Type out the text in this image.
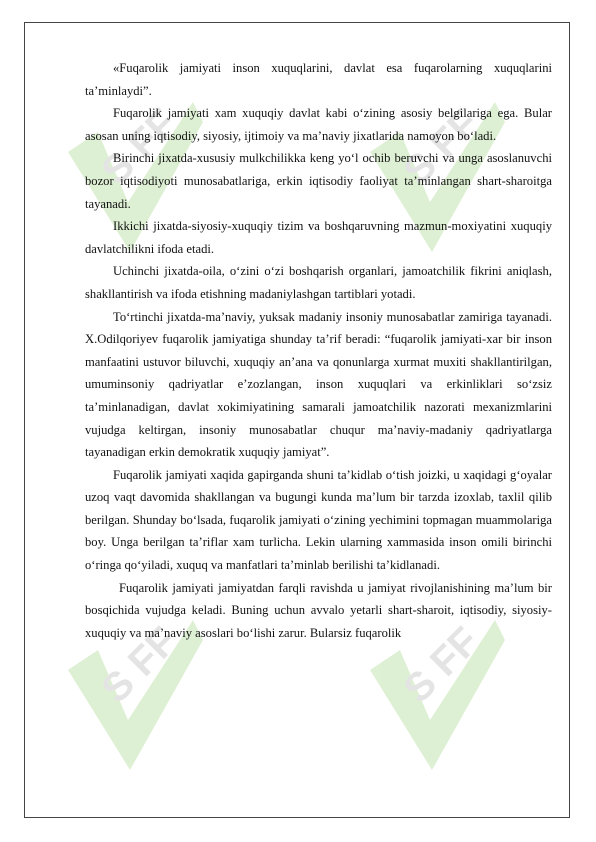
S FF	S FF
S FF	S FF

«Fuqarolik jamiyati inson xuquqlarini, davlat esa fuqarolarning xuquqlarini ta’minlaydi”.

Fuqarolik jamiyati xam xuquqiy davlat kabi o‘zining asosiy belgilariga ega. Bular asosan uning iqtisodiy, siyosiy, ijtimoiy va ma’naviy jixatlarida namoyon bo‘ladi.

Birinchi jixatda-xususiy mulkchilikka keng yo‘l ochib beruvchi va unga asoslanuvchi bozor iqtisodiyoti munosabatlariga, erkin iqtisodiy faoliyat ta’minlangan shart-sharoitga tayanadi.

Ikkichi jixatda-siyosiy-xuquqiy tizim va boshqaruvning mazmun-moxiyatini xuquqiy davlatchilikni ifoda etadi.

Uchinchi jixatda-oila, o‘zini o‘zi boshqarish organlari, jamoatchilik fikrini aniqlash, shakllantirish va ifoda etishning madaniylashgan tartiblari yotadi.

To‘rtinchi jixatda-ma’naviy, yuksak madaniy insoniy munosabatlar zamiriga tayanadi. X.Odilqoriyev fuqarolik jamiyatiga shunday ta’rif beradi: “fuqarolik jamiyati-xar bir inson manfaatini ustuvor biluvchi, xuquqiy an’ana va qonunlarga xurmat muxiti shakllantirilgan, umuminsoniy qadriyatlar e’zozlangan, inson xuquqlari va erkinliklari so‘zsiz ta’minlanadigan, davlat xokimiyatining samarali jamoatchilik nazorati mexanizmlarini vujudga keltirgan, insoniy munosabatlar chuqur ma’naviy-madaniy qadriyatlarga tayanadigan erkin demokratik xuquqiy jamiyat”.

Fuqarolik jamiyati xaqida gapirganda shuni ta’kidlab o‘tish joizki, u xaqidagi g‘oyalar uzoq vaqt davomida shakllangan va bugungi kunda ma’lum bir tarzda izoxlab, taxlil qilib berilgan. Shunday bo‘lsada, fuqarolik jamiyati o‘zining yechimini topmagan muammolariga boy. Unga berilgan ta’riflar xam turlicha. Lekin ularning xammasida inson omili birinchi o‘ringa qo‘yiladi, xuquq va manfatlari ta’minlab berilishi ta’kidlanadi.

Fuqarolik jamiyati jamiyatdan farqli ravishda u jamiyat rivojlanishining ma’lum bir bosqichida vujudga keladi. Buning uchun avvalo yetarli shart-sharoit, iqtisodiy, siyosiy-xuquqiy va ma’naviy asoslari bo‘lishi zarur. Bularsiz fuqarolik
